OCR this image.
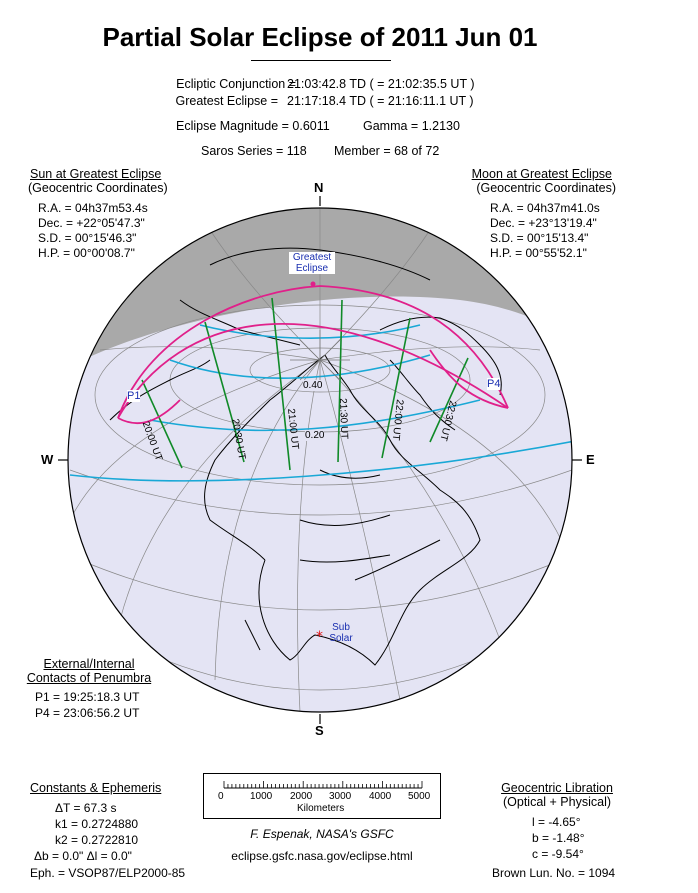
Partial Solar Eclipse of 2011 Jun 01
Ecliptic Conjunction =
21:03:42.8 TD ( = 21:02:35.5 UT )
Greatest Eclipse = 21:17:18.4 TD ( = 21:16:11.1 UT )
Eclipse Magnitude = 0.6011	Gamma = 1.2130
Saros Series = 118 Member = 68 of 72
Sun at Greatest Eclipse
(Geocentric Coordinates)
R.A. = 04h37m53.4s
Dec. = +22°05'47.3"
S.D. = 00°15'46.3"
H.P. = 00°00'08.7"
Moon at Greatest Eclipse
(Geocentric Coordinates)
R.A. = 04h37m41.0s
Dec. = +23°13'19.4"
S.D. = 00°15'13.4"
H.P. = 00°55'52.1"
*
N
S
W	E
Greatest
Eclipse
P1
P4
0.40
0.20
20:00 UT	20:30 UT	21:00 UT	21:30 UT	22:00 UT	22:30 UT
Sub
Solar
External/Internal
Contacts of Penumbra
P1 = 19:25:18.3 UT
P4 = 23:06:56.2 UT
Constants & Ephemeris
ΔT = 67.3 s
k1 = 0.2724880
k2 = 0.2722810
Δb = 0.0" Δl = 0.0"
Eph. = VSOP87/ELP2000-85
0	1000 2000 3000 4000 5000
Kilometers
F. Espenak, NASA's GSFC
eclipse.gsfc.nasa.gov/eclipse.html
Geocentric Libration
(Optical + Physical)
l = -4.65°
b = -1.48°
c = -9.54°
Brown Lun. No. = 1094
